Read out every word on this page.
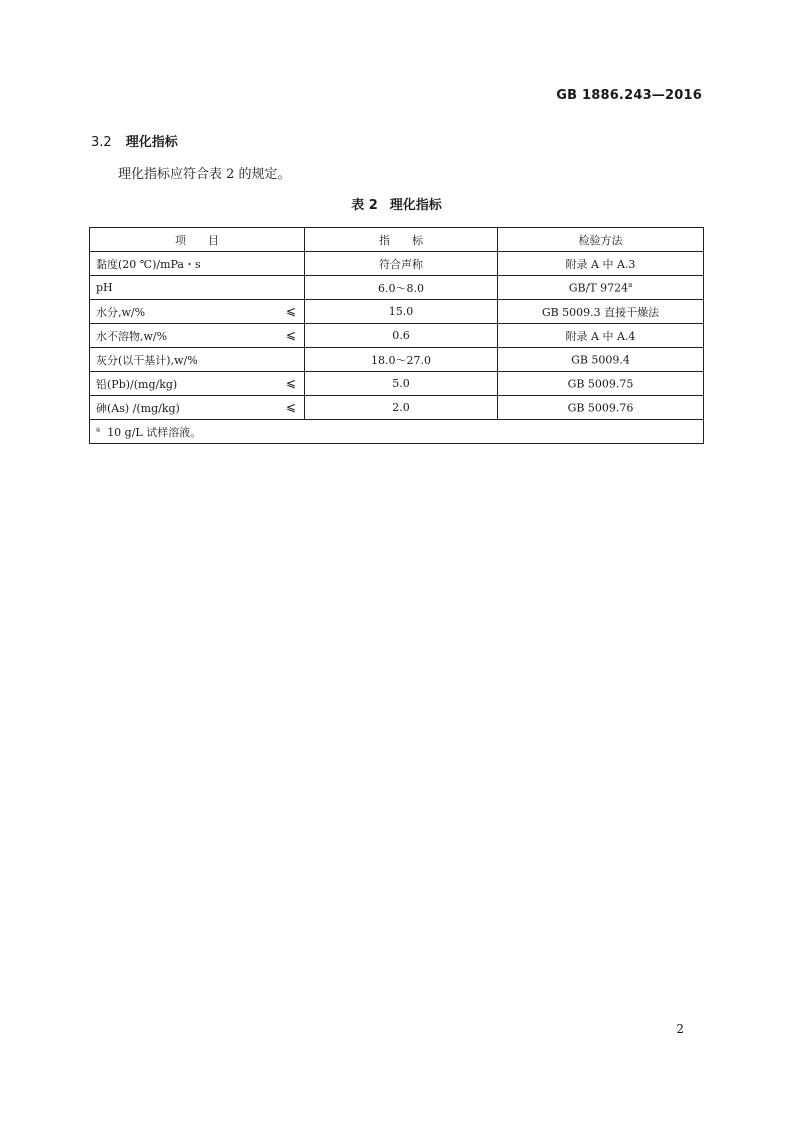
GB 1886.243—2016
3.2 理化指标
理化指标应符合表 2 的规定。
表 2 理化指标
项　　目	指　　标	检验方法
黏度(20 ℃)/mPa・s	符合声称	附录 A 中 A.3
pH	6.0～8.0	GB/T 9724$^a$
水分,w/% ⩽	15.0	GB 5009.3 直接干燥法
水不溶物,w/% ⩽	0.6	附录 A 中 A.4
灰分(以干基计),w/%	18.0～27.0	GB 5009.4
铅(Pb)/(mg/kg) ⩽	5.0	GB 5009.75
砷(As) /(mg/kg) ⩽	2.0	GB 5009.76
$^a$ 10 g/L 试样溶液。		
2
